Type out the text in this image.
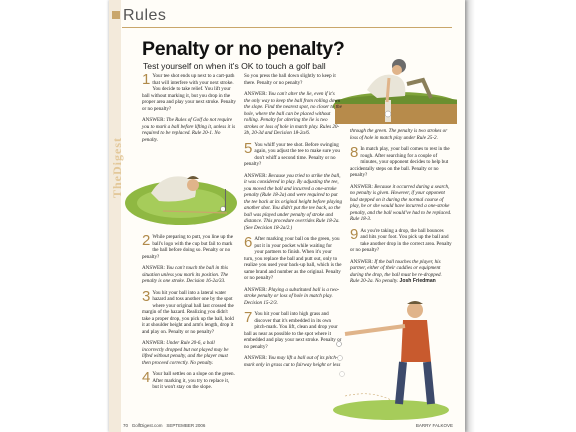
TheDigest
Rules
Penalty or no penalty?
Test yourself on when it's OK to touch a golf ball

1 Your tee shot ends up next to a cart-path that will interfere with your next stroke. You decide to take relief. You lift your ball without marking it, but you drop in the proper area and play your next stroke. Penalty or no penalty?

ANSWER: The Rules of Golf do not require you to mark a ball before lifting it, unless it is required to be replaced. Rule 20-1. No penalty.

2 While preparing to putt, you line up the ball's logo with the cup but fail to mark the ball before doing so. Penalty or no penalty?

ANSWER: You can't touch the ball in this situation unless you mark its position. The penalty is one stroke. Decision 16-2a/33.

3 You hit your ball into a lateral water hazard and toss another one by the spot where your original ball last crossed the margin of the hazard. Realizing you didn't take a proper drop, you pick up the ball, hold it at shoulder height and arm's length, drop it and play on. Penalty or no penalty?

ANSWER: Under Rule 20-6, a ball incorrectly dropped but not played may be lifted without penalty, and the player must then proceed correctly. No penalty.

4 Your ball settles on a slope on the green. After marking it, you try to replace it, but it won't stay on the slope.

So you press the ball down slightly to keep it there. Penalty or no penalty?

ANSWER: You can't alter the lie, even if it's the only way to keep the ball from rolling down the slope. Find the nearest spot, no closer to the hole, where the ball can be placed without rolling. Penalty for altering the lie is two strokes or loss of hole in match play. Rules 20-3b, 20-3d and Decision 18-2a/6.

5 You whiff your tee shot. Before swinging again, you adjust the tee to make sure you don't whiff a second time. Penalty or no penalty?

ANSWER: Because you tried to strike the ball, it was considered in play. By adjusting the tee, you moved the ball and incurred a one-stroke penalty (Rule 18-2a) and were required to put the tee back at its original height before playing another shot. You didn't put the tee back, so the ball was played under penalty of stroke and distance. This procedure overrides Rule 18-2a. (See Decision 18-2a/2.)

6 After marking your ball on the green, you put it in your pocket while waiting for your partners to finish. When it's your turn, you replace the ball and putt out, only to realize you used your back-up ball, which is the same brand and number as the original. Penalty or no penalty?

ANSWER: Playing a substituted ball is a two-stroke penalty or loss of hole in match play. Decision 15-2/3.

7 You hit your ball into high grass and discover that it's embedded in its own pitch-mark. You lift, clean and drop your ball as near as possible to the spot where it embedded and play your next stroke. Penalty or no penalty?

ANSWER: You may lift a ball out of its pitch-mark only in grass cut to fairway height or less

through the green. The penalty is two strokes or loss of hole in match play under Rule 25-2.

8 In match play, your ball comes to rest in the rough. After searching for a couple of minutes, your opponent decides to help but accidentally steps on the ball. Penalty or no penalty?

ANSWER: Because it occurred during a search, no penalty is given. However, if your opponent had stepped on it during the normal course of play, he or she would have incurred a one-stroke penalty, and the ball would've had to be replaced. Rule 18-3.

9 As you're taking a drop, the ball bounces and hits your foot. You pick up the ball and take another drop in the correct area. Penalty or no penalty?

ANSWER: If the ball touches the player, his partner, either of their caddies or equipment during the drop, the ball must be re-dropped. Rule 20-2a. No penalty. Josh Friedman

70 GolfDigest.com SEPTEMBER 2006	BARRY FALKOVE
